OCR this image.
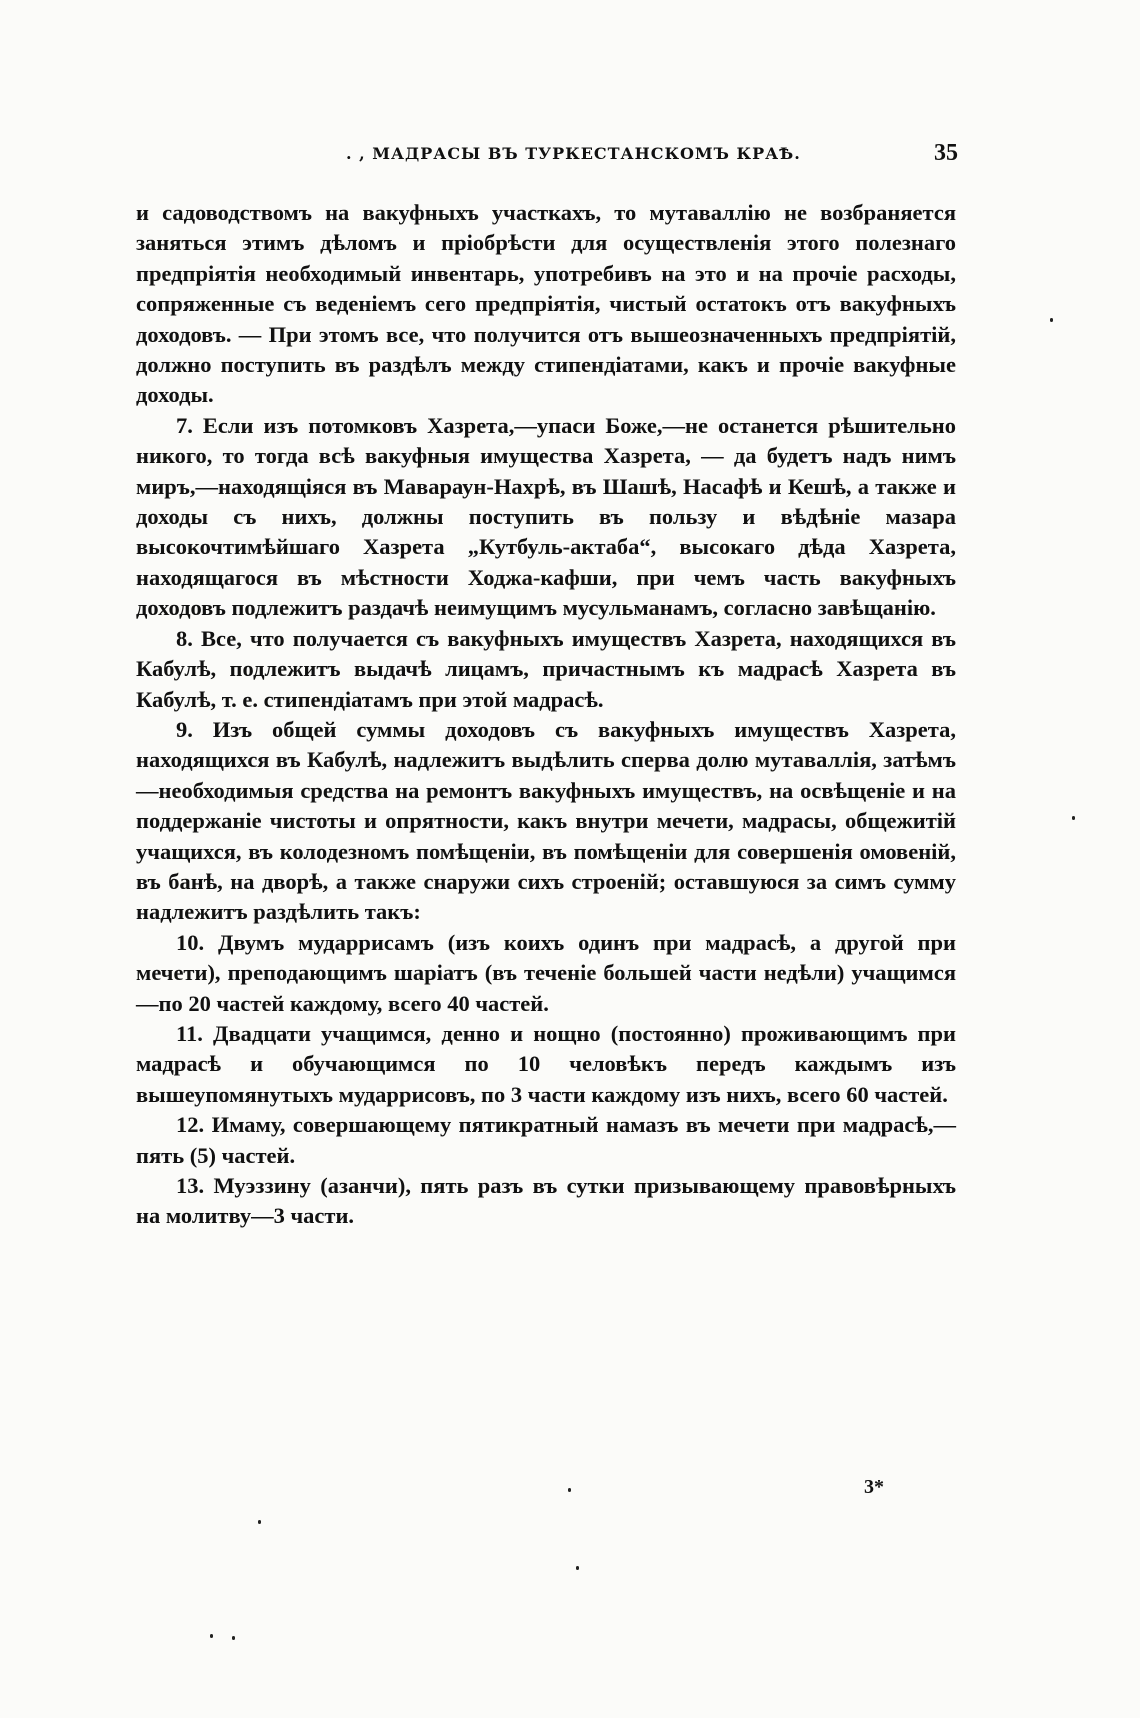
. , МАДРАСЫ ВЪ ТУРКЕСТАНСКОМЪ КРАѢ.	35

и садоводствомъ на вакуфныхъ участкахъ, то мутаваллію не возбраняется заняться этимъ дѣломъ и пріобрѣсти для осуществленія этого полезнаго предпріятія необходимый инвентарь, употребивъ на это и на прочіе расходы, сопряженные съ веденіемъ сего предпріятія, чистый остатокъ отъ вакуфныхъ доходовъ. — При этомъ все, что получится отъ вышеозначенныхъ предпріятій, должно поступить въ раздѣлъ между стипендіатами, какъ и прочіе вакуфные доходы.

7. Если изъ потомковъ Хазрета,—упаси Боже,—не останется рѣшительно никого, то тогда всѣ вакуфныя имущества Хазрета, — да будетъ надъ нимъ миръ,—находящіяся въ Мавараун-Нахрѣ, въ Шашѣ, Насафѣ и Кешѣ, а также и доходы съ нихъ, должны поступить въ пользу и вѣдѣніе мазара высокочтимѣйшаго Хазрета „Кутбуль-актаба“, высокаго дѣда Хазрета, находящагося въ мѣстности Ходжа-кафши, при чемъ часть вакуфныхъ доходовъ подлежитъ раздачѣ неимущимъ мусульманамъ, согласно завѣщанію.

8. Все, что получается съ вакуфныхъ имуществъ Хазрета, находящихся въ Кабулѣ, подлежитъ выдачѣ лицамъ, причастнымъ къ мадрасѣ Хазрета въ Кабулѣ, т. е. стипендіатамъ при этой мадрасѣ.

9. Изъ общей суммы доходовъ съ вакуфныхъ имуществъ Хазрета, находящихся въ Кабулѣ, надлежитъ выдѣлить сперва долю мутаваллія, затѣмъ—необходимыя средства на ремонтъ вакуфныхъ имуществъ, на освѣщеніе и на поддержаніе чистоты и опрятности, какъ внутри мечети, мадрасы, общежитій учащихся, въ колодезномъ помѣщеніи, въ помѣщеніи для совершенія омовеній, въ банѣ, на дворѣ, а также снаружи сихъ строеній; оставшуюся за симъ сумму надлежитъ раздѣлить такъ:

10. Двумъ мударрисамъ (изъ коихъ одинъ при мадрасѣ, а другой при мечети), преподающимъ шаріатъ (въ теченіе большей части недѣли) учащимся—по 20 частей каждому, всего 40 частей.

11. Двадцати учащимся, денно и нощно (постоянно) проживающимъ при мадрасѣ и обучающимся по 10 человѣкъ передъ каждымъ изъ вышеупомянутыхъ мударрисовъ, по 3 части каждому изъ нихъ, всего 60 частей.

12. Имаму, совершающему пятикратный намазъ въ мечети при мадрасѣ,—пять (5) частей.

13. Муэззину (азанчи), пять разъ въ сутки призывающему правовѣрныхъ на молитву—3 части.

3*
